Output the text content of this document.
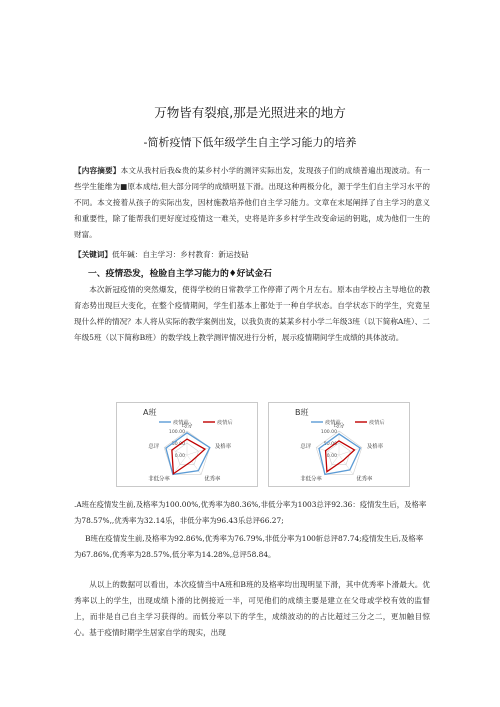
万物皆有裂痕,那是光照进来的地方
-简析疫情下低年级学生自主学习能力的培养
【内容摘要】本文从我村后我&贵的某乡村小学的测评实际出发，发现孩子们的成绩普遍出现波动。有一些学生能维为■原本成结,但大部分同学的成绩明显下滑。出现这种两极分化，源于学生们自主学习水平的不同。本文接着从孩子的实际出发，因材施教培养他们自主学习能力。文章在末尾阐择了自主学习的意义和重要性，除了能帮我们更好度过疫情这一难关，史将是许多乡村学生改变命运的钥匙，成为他们一生的财富。
【关键词】低年碱：自主学习：乡村教育：新运技砧
一、疫情恐发，检脸自主学习能力的♦好试金石
本次新冠疫情的突然爆发，使得学校的日常教学工作停滞了两个月左右。原本由学校占主导地位的教育态势出现巨大变化，在整个疫情期间，学生们基本上都处于一种自学状态。自学状态下的学生，究竟呈现什么样的情况？本人将从实际的教学案例出发，以我负责的某某乡村小学二年级3班（以下简称A班）、二年级5班（以下简称B班）的数学线上教学测评情况进行分析，展示疫情期间学生成绩的具体波动。
A班
疫情前	疫情后
0.00
50.00
100.00
均分
及格率
优秀率
非低分率
总评
B班
疫情前	疫情后
0.00
50.00
100.00
均分
及格率
优秀率
非低分率
总评
.A班在疫情发生前,及格率为100.00%,优秀率为80.36%,非低分率为1003总评92.36：疫情发生后，及格率为78.57%,,优秀率为32.14乐，非低分率为96.43乐总评66.27;
B班在疫情发生前,及格率为92.86%,优秀率为76.79%,非低分率为100斩总评87.74;疫情发生后,及格率为67.86%,优秀率为28.57%,低分率为14.28%,总评58.84。
从以上的数据可以看出，本次疫情当中A班和B班的及格率均出现明显下滑，其中优秀率卜滑最大。优秀率以上的学生，出现成绩卜滑的比例接近一半，可见他们的成绩主要是建立在父母或学校有效的监督上，而非是自己自主学习获得的。而低分率以下的学生，成绩波动的的占比超过三分之二，更加触目惊心。基于疫情时期学生居家自学的现实，出现
